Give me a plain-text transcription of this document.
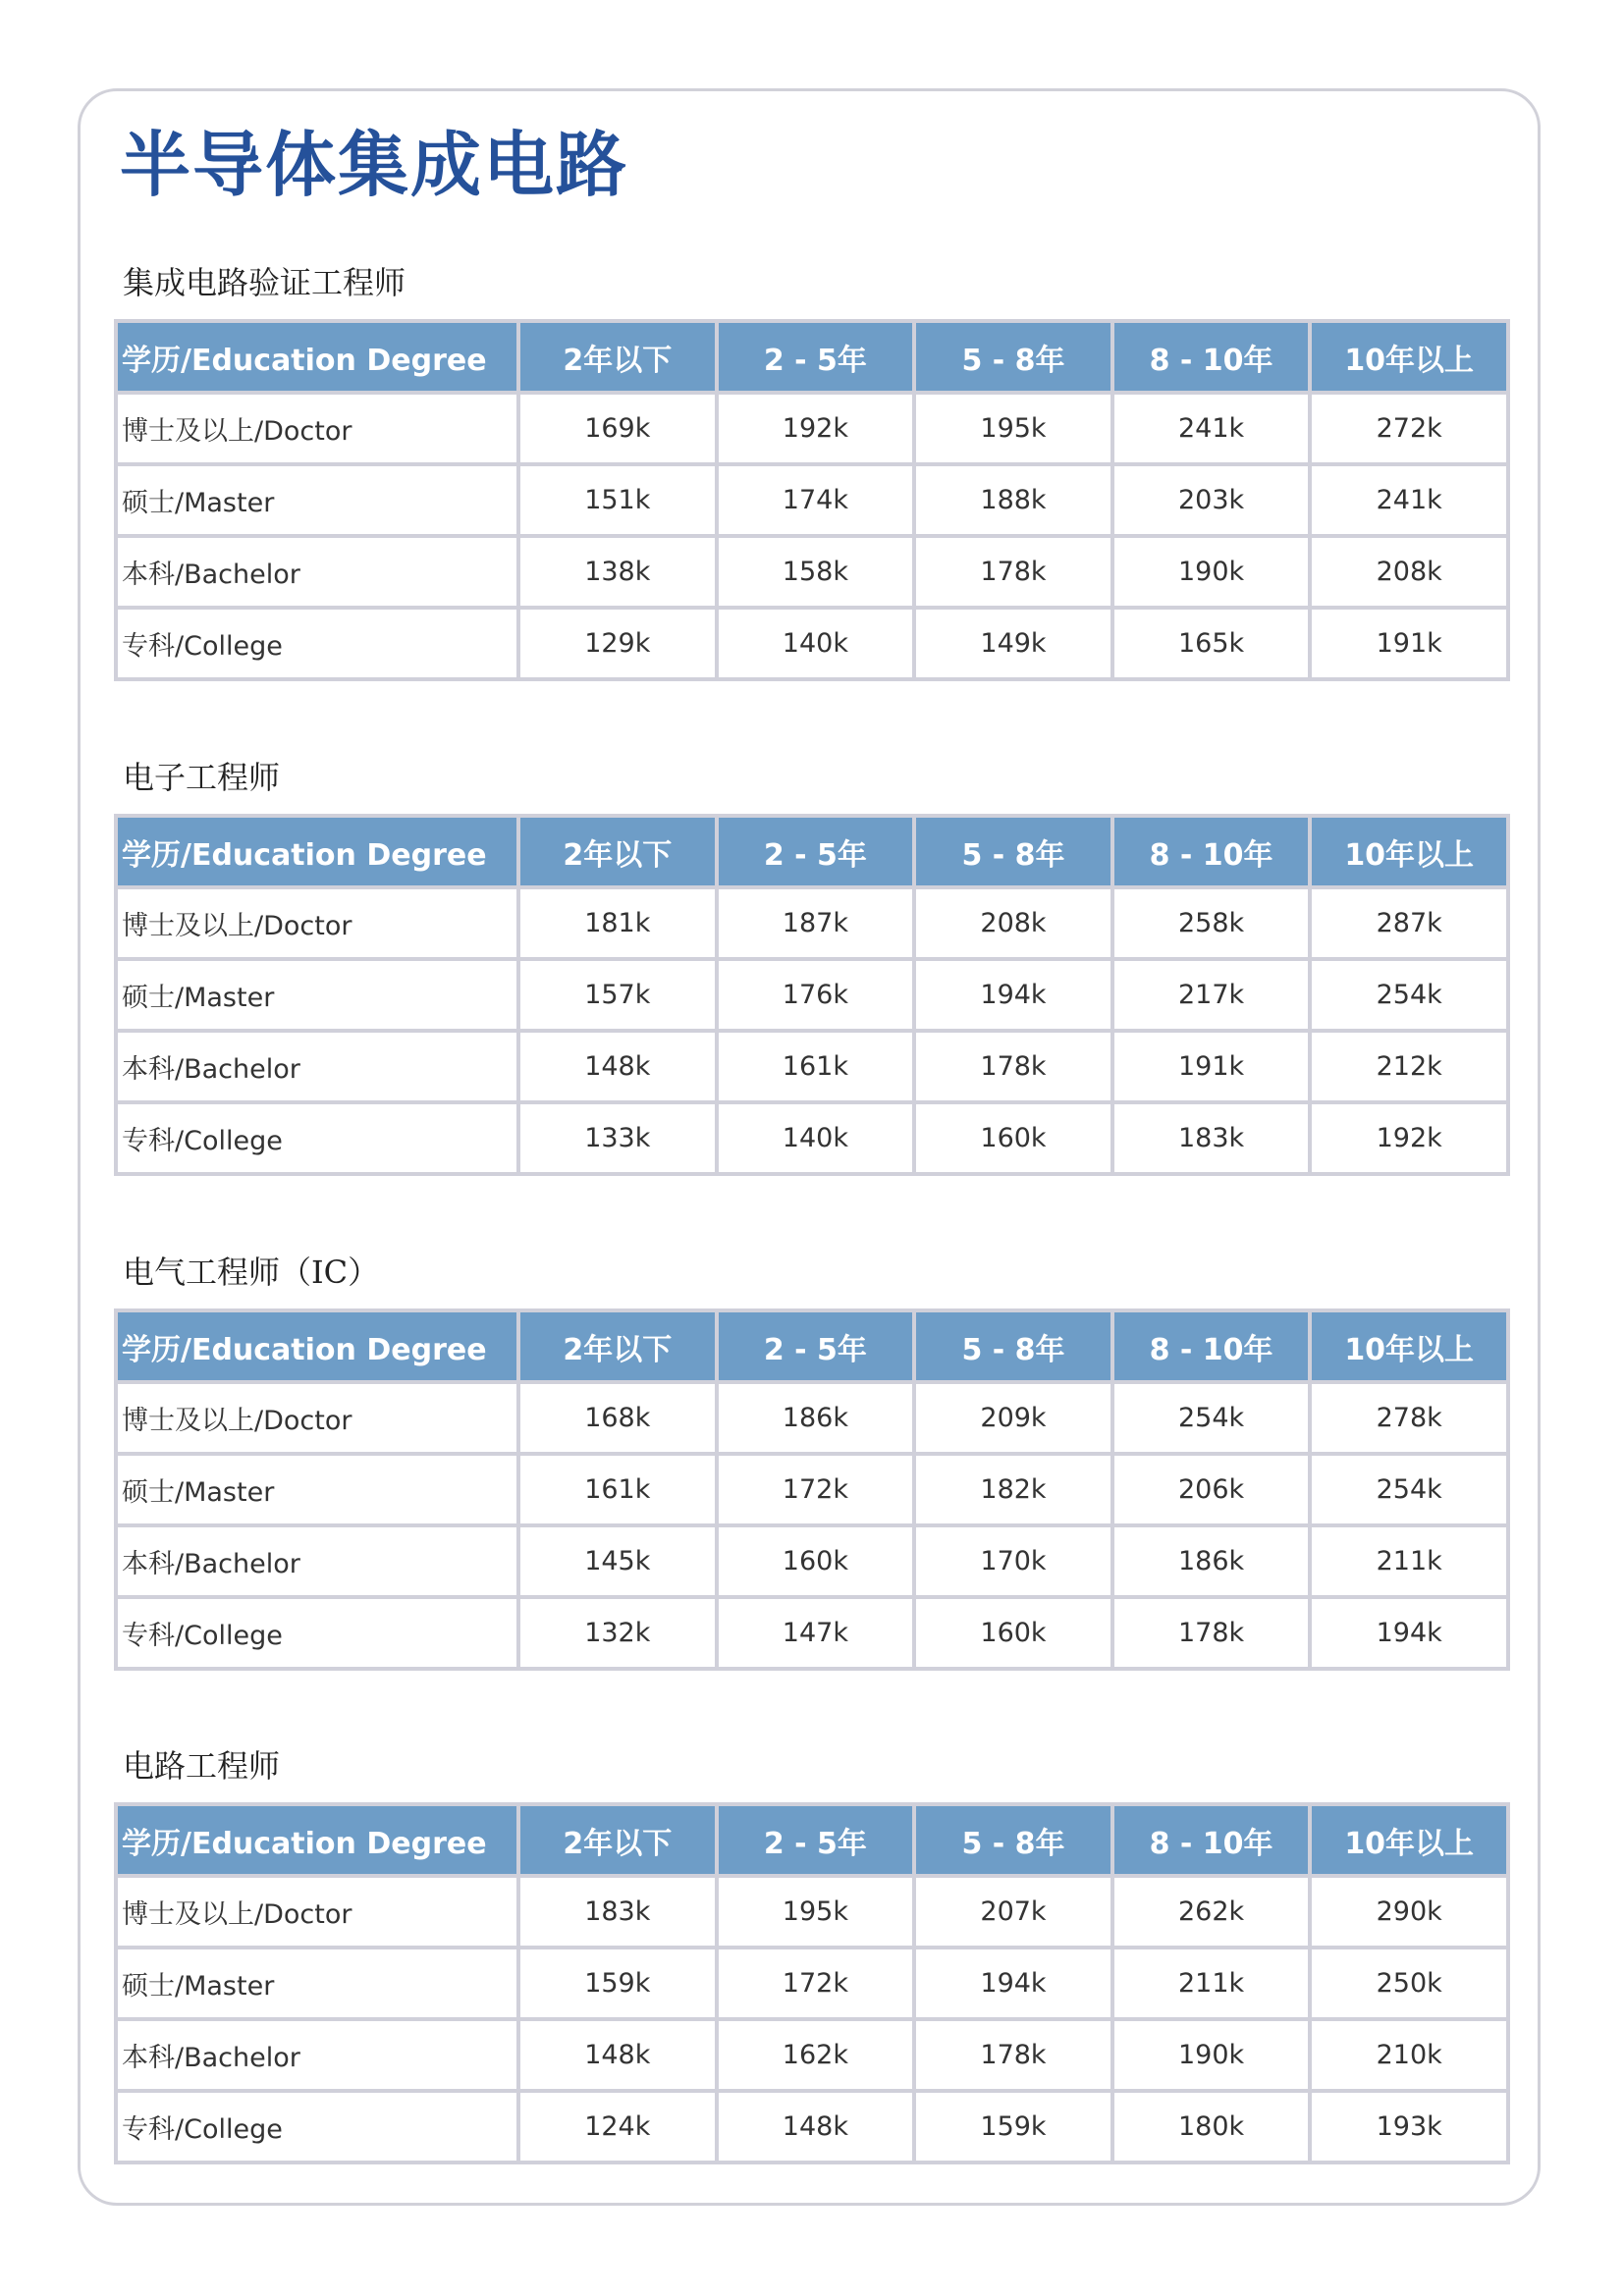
半导体集成电路
集成电路验证工程师
学历/Education Degree	2年以下	2 - 5年	5 - 8年	8 - 10年	10年以上
博士及以上/Doctor	169k	192k	195k	241k	272k
硕士/Master	151k	174k	188k	203k	241k
本科/Bachelor	138k	158k	178k	190k	208k
专科/College	129k	140k	149k	165k	191k
电子工程师
学历/Education Degree	2年以下	2 - 5年	5 - 8年	8 - 10年	10年以上
博士及以上/Doctor	181k	187k	208k	258k	287k
硕士/Master	157k	176k	194k	217k	254k
本科/Bachelor	148k	161k	178k	191k	212k
专科/College	133k	140k	160k	183k	192k
电气工程师（IC）
学历/Education Degree	2年以下	2 - 5年	5 - 8年	8 - 10年	10年以上
博士及以上/Doctor	168k	186k	209k	254k	278k
硕士/Master	161k	172k	182k	206k	254k
本科/Bachelor	145k	160k	170k	186k	211k
专科/College	132k	147k	160k	178k	194k
电路工程师
学历/Education Degree	2年以下	2 - 5年	5 - 8年	8 - 10年	10年以上
博士及以上/Doctor	183k	195k	207k	262k	290k
硕士/Master	159k	172k	194k	211k	250k
本科/Bachelor	148k	162k	178k	190k	210k
专科/College	124k	148k	159k	180k	193k
